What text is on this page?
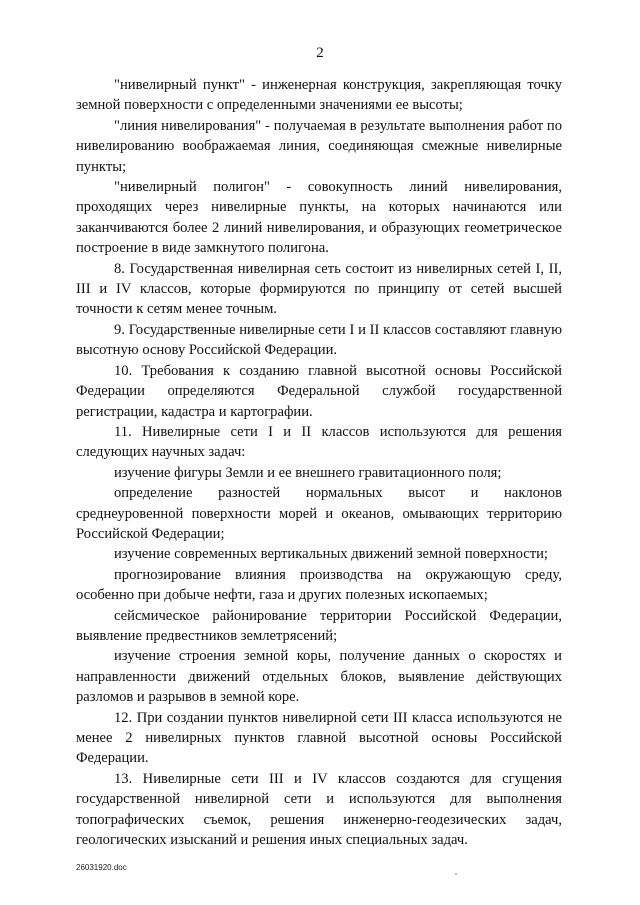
2

"нивелирный пункт" - инженерная конструкция, закрепляющая точку земной поверхности с определенными значениями ее высоты;

"линия нивелирования" - получаемая в результате выполнения работ по нивелированию воображаемая линия, соединяющая смежные нивелирные пункты;

"нивелирный полигон" - совокупность линий нивелирования, проходящих через нивелирные пункты, на которых начинаются или заканчиваются более 2 линий нивелирования, и образующих геометрическое построение в виде замкнутого полигона.

8. Государственная нивелирная сеть состоит из нивелирных сетей I, II, III и IV классов, которые формируются по принципу от сетей высшей точности к сетям менее точным.

9. Государственные нивелирные сети I и II классов составляют главную высотную основу Российской Федерации.

10. Требования к созданию главной высотной основы Российской Федерации определяются Федеральной службой государственной регистрации, кадастра и картографии.

11. Нивелирные сети I и II классов используются для решения следующих научных задач:

изучение фигуры Земли и ее внешнего гравитационного поля;

определение разностей нормальных высот и наклонов среднеуровенной поверхности морей и океанов, омывающих территорию Российской Федерации;

изучение современных вертикальных движений земной поверхности;

прогнозирование влияния производства на окружающую среду, особенно при добыче нефти, газа и других полезных ископаемых;

сейсмическое районирование территории Российской Федерации, выявление предвестников землетрясений;

изучение строения земной коры, получение данных о скоростях и направленности движений отдельных блоков, выявление действующих разломов и разрывов в земной коре.

12. При создании пунктов нивелирной сети III класса используются не менее 2 нивелирных пунктов главной высотной основы Российской Федерации.

13. Нивелирные сети III и IV классов создаются для сгущения государственной нивелирной сети и используются для выполнения топографических съемок, решения инженерно-геодезических задач, геологических изысканий и решения иных специальных задач.

26031920.doc
